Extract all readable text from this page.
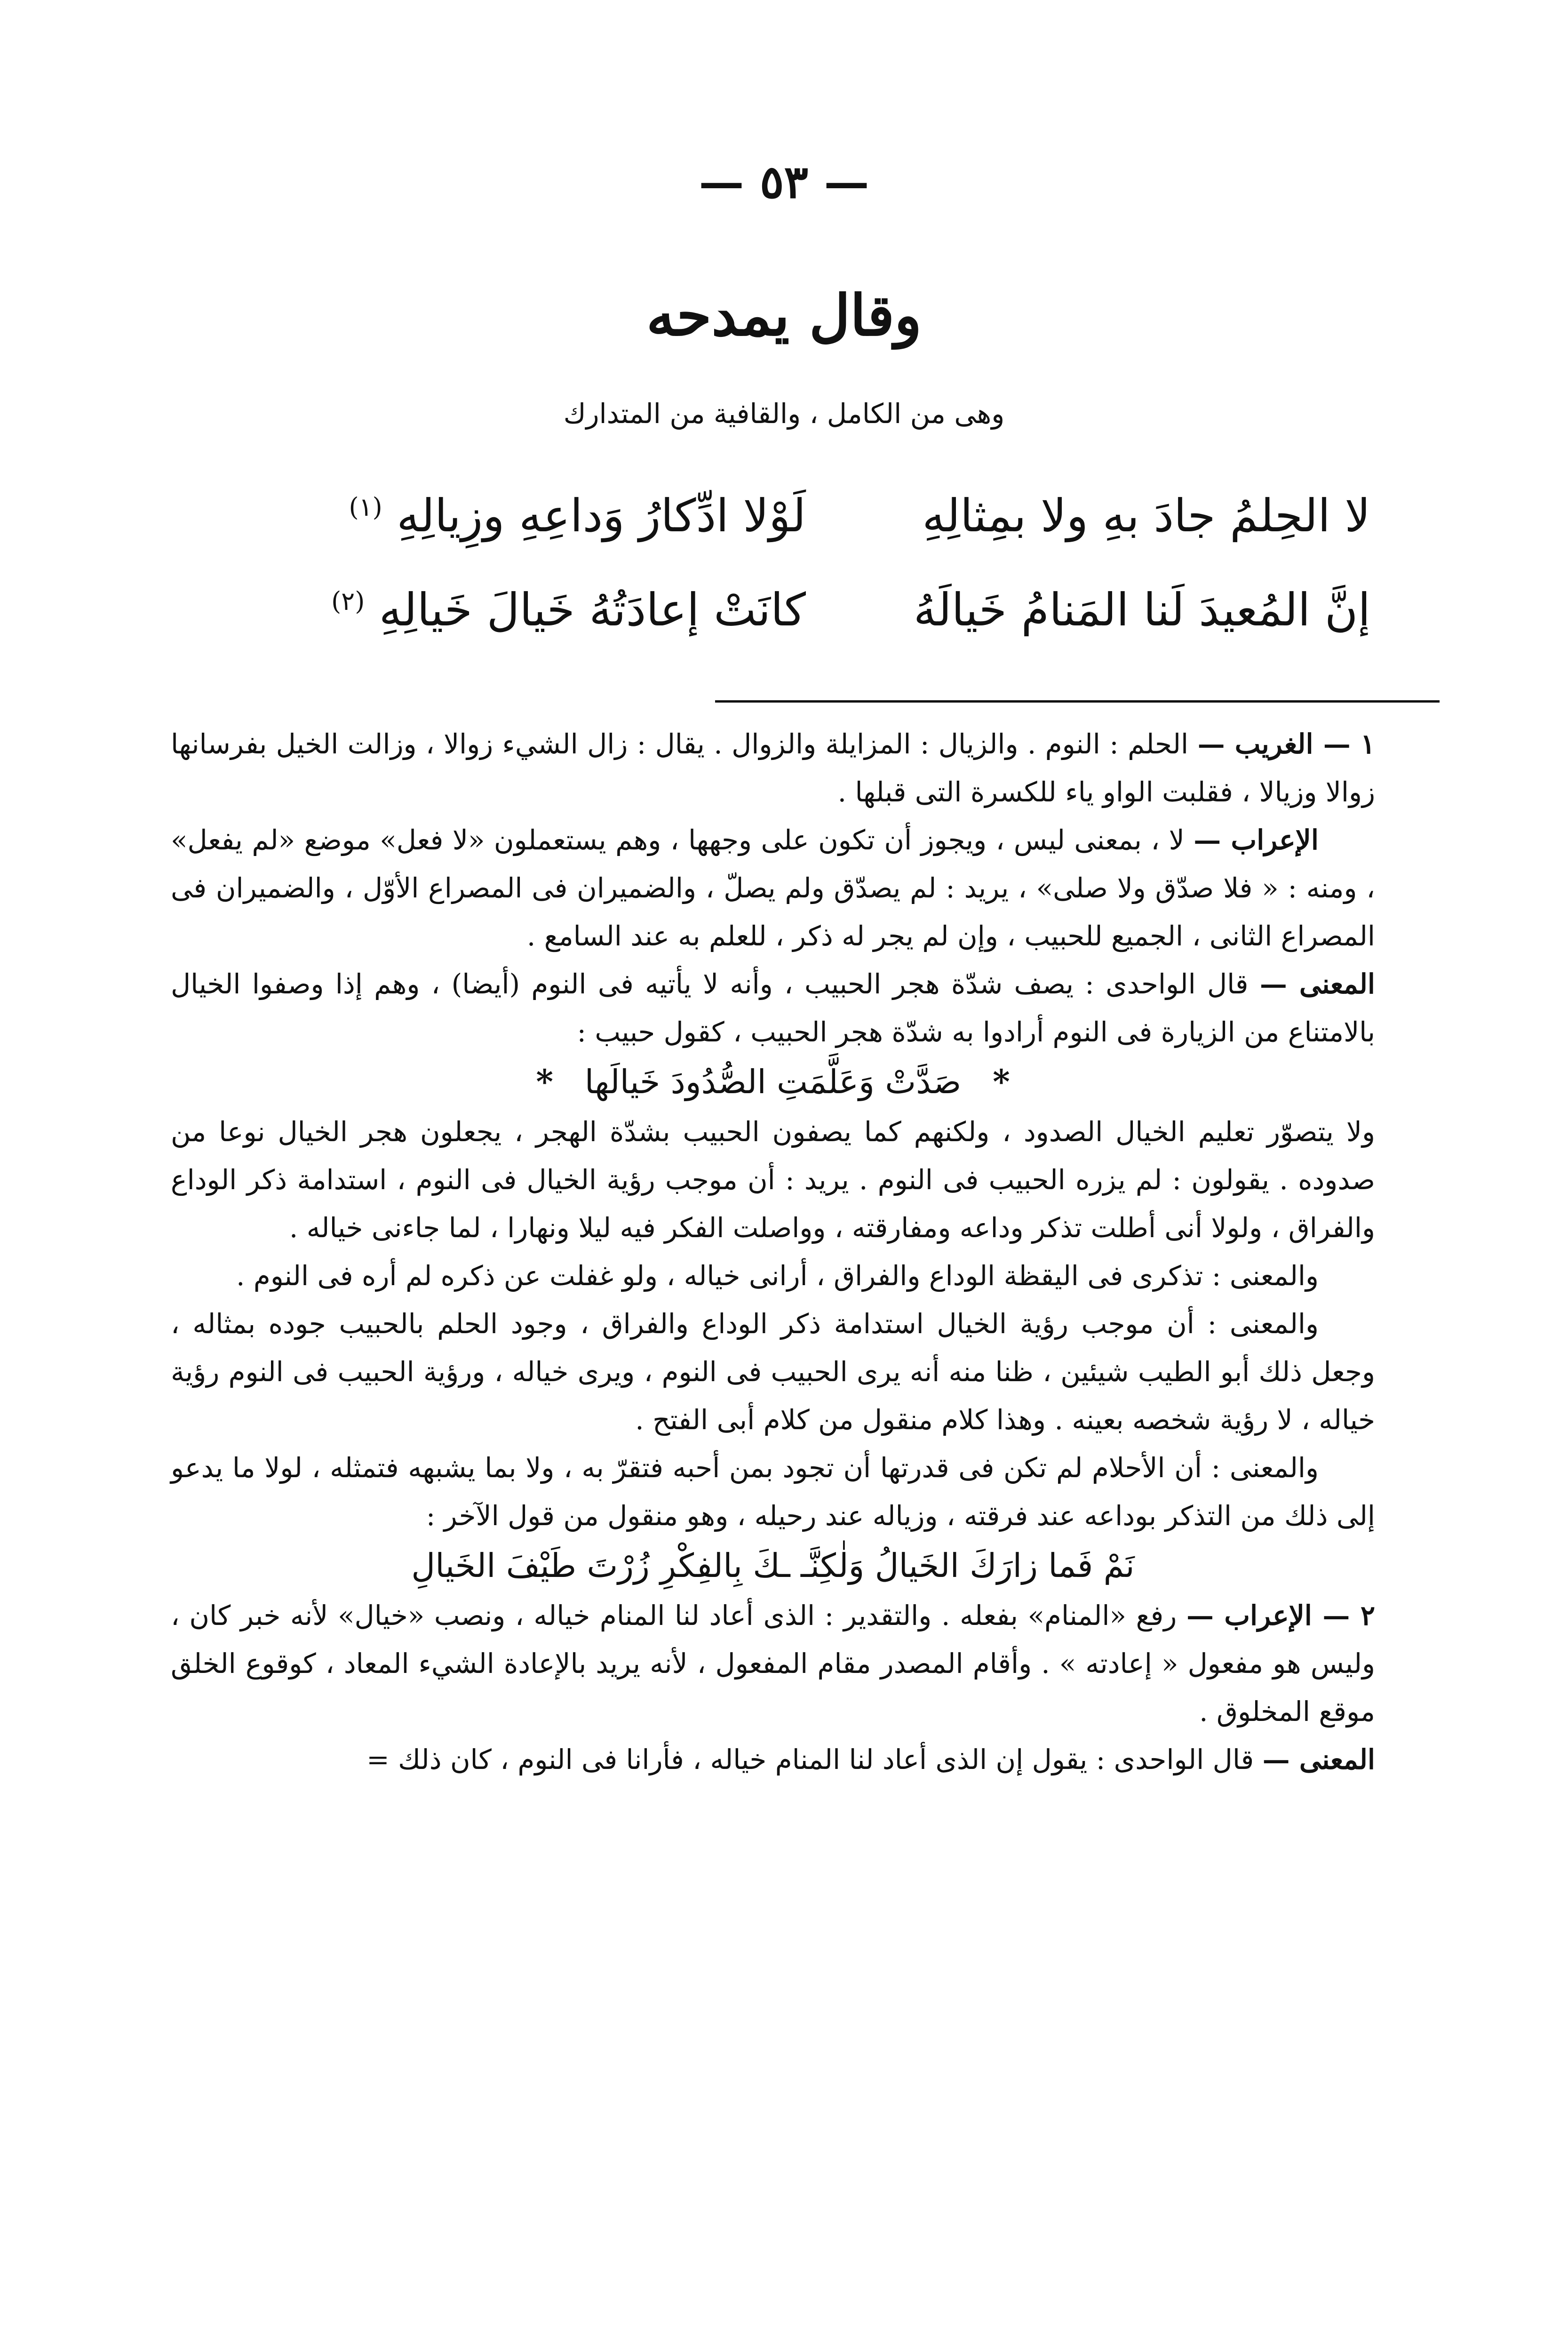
— ٥٣ —
وقال يمدحه
وهى من الكامل ، والقافية من المتدارك
لا الحِلمُ جادَ بهِ ولا بمِثالِهِ
لَوْلا ادِّكارُ وَداعِهِ وزِيالِهِ $^{(١)}$
إنَّ المُعيدَ لَنا المَنامُ خَيالَهُ
كانَتْ إعادَتُهُ خَيالَ خَيالِهِ $^{(٢)}$

١ — الغريب — الحلم : النوم . والزيال : المزايلة والزوال . يقال : زال الشيء زوالا ، وزالت الخيل بفرسانها زوالا وزيالا ، فقلبت الواو ياء للكسرة التى قبلها .

الإعراب — لا ، بمعنى ليس ، ويجوز أن تكون على وجهها ، وهم يستعملون «لا فعل» موضع «لم يفعل» ، ومنه : « فلا صدّق ولا صلى» ، يريد : لم يصدّق ولم يصلّ ، والضميران فى المصراع الأوّل ، والضميران فى المصراع الثانى ، الجميع للحبيب ، وإن لم يجر له ذكر ، للعلم به عند السامع .

المعنى — قال الواحدى : يصف شدّة هجر الحبيب ، وأنه لا يأتيه فى النوم (أيضا) ، وهم إذا وصفوا الخيال بالامتناع من الزيارة فى النوم أرادوا به شدّة هجر الحبيب ، كقول حبيب :

*   صَدَّتْ وَعَلَّمَتِ الصُّدُودَ خَيالَها   *

ولا يتصوّر تعليم الخيال الصدود ، ولكنهم كما يصفون الحبيب بشدّة الهجر ، يجعلون هجر الخيال نوعا من صدوده . يقولون : لم يزره الحبيب فى النوم . يريد : أن موجب رؤية الخيال فى النوم ، استدامة ذكر الوداع والفراق ، ولولا أنى أطلت تذكر وداعه ومفارقته ، وواصلت الفكر فيه ليلا ونهارا ، لما جاءنى خياله .

والمعنى : تذكرى فى اليقظة الوداع والفراق ، أرانى خياله ، ولو غفلت عن ذكره لم أره فى النوم .

والمعنى : أن موجب رؤية الخيال استدامة ذكر الوداع والفراق ، وجود الحلم بالحبيب جوده بمثاله ، وجعل ذلك أبو الطيب شيئين ، ظنا منه أنه يرى الحبيب فى النوم ، ويرى خياله ، ورؤية الحبيب فى النوم رؤية خياله ، لا رؤية شخصه بعينه . وهذا كلام منقول من كلام أبى الفتح .

والمعنى : أن الأحلام لم تكن فى قدرتها أن تجود بمن أحبه فتقرّ به ، ولا بما يشبهه فتمثله ، لولا ما يدعو إلى ذلك من التذكر بوداعه عند فرقته ، وزياله عند رحيله ، وهو منقول من قول الآخر :

نَمْ فَما زارَكَ الخَيالُ وَلٰكِنَّـ ـكَ بِالفِكْرِ زُرْتَ طَيْفَ الخَيالِ

٢ — الإعراب — رفع «المنام» بفعله . والتقدير : الذى أعاد لنا المنام خياله ، ونصب «خيال» لأنه خبر كان ، وليس هو مفعول « إعادته » . وأقام المصدر مقام المفعول ، لأنه يريد بالإعادة الشيء المعاد ، كوقوع الخلق موقع المخلوق .

المعنى — قال الواحدى : يقول إن الذى أعاد لنا المنام خياله ، فأرانا فى النوم ، كان ذلك =
